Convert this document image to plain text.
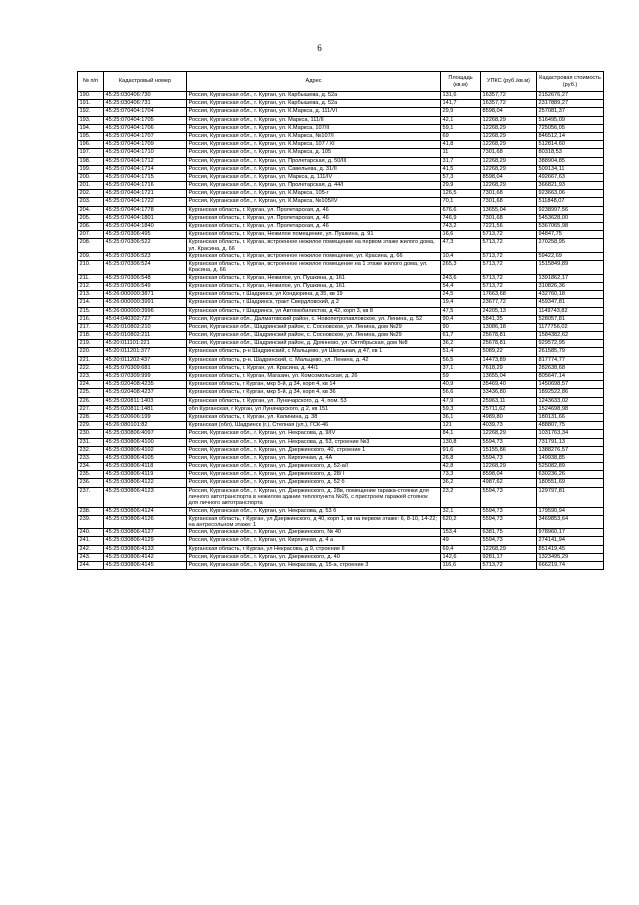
6
№ п/п	Кадастровый номер	Адрес	Площадь (кв.м)	УПКС (руб./кв.м)	Кадастровая стоимость (руб.)
190.	45:25:030406:730	Россия, Курганская обл., г. Курган, ул. Карбышева, д. 52а	131,6	16357,72	2152676,27
191.	45:25:030406:731	Россия, Курганская обл., г. Курган, ул. Карбышева, д. 52а	141,7	16357,72	2317889,27
192.	45:25:070404:1704	Россия, Курганская обл., г. Курган, ул. К.Маркса, д. 111/VI	29,9	8598,04	257081,37
193.	45:25:070404:1705	Россия, Курганская обл., г. Курган, ул. Маркса, 111/II	42,1	12268,29	516495,09
194.	45:25:070404:1706	Россия, Курганская обл., г. Курган, ул. К.Маркса, 107/II	59,1	12268,29	725056,05
195.	45:25:070404:1707	Россия, Курганская обл., г. Курган, ул. К.Маркса, №107/I	69	12268,29	846512,14
196.	45:25:070404:1709	Россия, Курганская обл., г. Курган, ул. К.Маркса, 107 / XI	41,8	12268,29	512814,60
197.	45:25:070404:1710	Россия, Курганская обл., г. Курган, ул. К.Маркса, д. 105	11	7301,68	80318,53
198.	45:25:070404:1712	Россия, Курганская обл., г. Курган, ул. Пролетарская, д. 50/III	31,7	12268,29	388904,85
199.	45:25:070404:1714	Россия, Курганская обл., г. Курган, ул. Савельева, д. 31/II	41,5	12268,29	509134,11
200.	45:25:070404:1715	Россия, Курганская обл., г. Курган, ул. Маркса, д. 111/IV	57,3	8598,04	492667,63
201.	45:25:070404:1716	Россия, Курганская обл., г. Курган, ул. Пролетарская, д. 44/I	29,9	12268,29	366821,93
202.	45:25:070404:1721	Россия, Курганская обл., г. Курган, ул. К.Маркса, 105-г	126,5	7301,68	923663,06
203.	45:25:070404:1722	Россия, Курганская обл., г. Курган, ул. К.Маркса, №105/IV	70,1	7301,68	511848,07
204.	45:25:070404:1778	Курганская область, г. Курган, ул. Пролетарская, д. 46	676,6	13655,04	9238997,56
205.	45:25:070404:1801	Курганская область, г. Курган, ул. Пролетарская, д. 46	746,9	7301,68	5453628,00
206.	45:25:070404:1840	Курганская область, г. Курган, ул. Пролетарская, д. 46	743,2	7221,56	5367065,98
207.	45:25:070306:495	Курганская область, г. Курган, Нежилое помещение, ул. Пушкина, д. 91	16,6	5713,72	94847,75
208.	45:25:070306:522	Курганская область, г. Курган, встроенное нежилое помещение на первом этаже жилого дома, ул. Красина, д. 66	47,3	5713,72	270258,95
209.	45:25:070306:523	Курганская область, г. Курган, встроенное нежилое помещение, ул. Красина, д. 66	10,4	5713,72	59422,69
210.	45:25:070306:524	Курганская область, г. Курган, встроенное нежилое помещение на 1 этаже жилого дома, ул. Красина, д. 66	265,3	5713,72	1515849,89
211.	45:25:070306:548	Курганская область, г. Курган, Нежилое, ул. Пушкина, д. 161	243,6	5713,72	1391862,17
212.	45:25:070306:549	Курганская область, г. Курган, Нежилое, ул. Пушкина, д. 161	54,4	5713,72	310826,36
213.	45:26:000000:3871	Курганская область, г Шадринск, ул Кондюрина, д 35, кв 19	24,5	17663,68	432760,18
214.	45:26:000000:3991	Курганская область, г Шадринск, тракт Свердловский, д 2	19,4	23677,72	459347,81
215.	45:26:000000:3996	Курганская область, г Шадринск, ул Автомобилистов, д 42, корп 3, кв 8	47,5	24205,13	1149743,82
216.	45:04:040302:727	Россия, Курганская обл., Далматовский район, с. Новопетропавловское, ул. Ленина, д. 52	90,4	5841,35	528057,81
217.	45:20:010802:210	Россия, Курганская обл., Шадринский район, с. Сосновское, ул. Ленина, дом №29	90	13086,18	1177756,02
218.	45:20:010802:211	Россия, Курганская обл., Шадринский район, с. Сосновское, ул. Ленина, дом №29	61,7	25678,81	1584382,62
219.	45:20:011101:221	Россия, Курганская обл., Шадринский район, д. Дрянново, ул. Октябрьская, дом №8	36,2	25678,81	929572,95
220.	45:20:011201:377	Курганская область, р-н Шадринский, с Мальцево, ул Школьная, д 47, кв 1	51,4	5089,22	261585,79
221.	45:20:011202:437	Курганская область, р-н. Шадринский, с. Мальцево, ул. Ленина, д. 42	56,5	14473,89	817774,77
222.	45:25:070309:681	Курганская область, г. Курган, ул. Красина, д. 44/1	37,1	7618,29	282638,68
223.	45:25:070309:999	Курганская область, г. Курган, Магазин, ул. Комсомольская, д. 26	59	13655,04	805647,14
224.	45:25:020408:4235	Курганская область, г Курган, мкр 5-й, д 34, корп 4, кв 14	40,9	35469,40	1450698,57
225.	45:25:020408:4237	Курганская область, г Курган, мкр 5-й, д 34, корп 4, кв 36	56,6	33436,80	1892522,86
226.	45:25:020811:1403	Курганская область, г. Курган, ул. Луначарского, д. 4, пом. 53	47,9	25963,11	1243633,02
227.	45:25:020811:1481	обл Курганская, г Курган, ул Луначарского, д 2, кв 151	59,3	25711,62	1524698,98
228.	45:25:020606:199	Курганская область, г. Курган, ул. Калинина, д. 38	36,1	4989,80	180131,66
229.	45:26:080101:82	Курганская (обл), Шадринск (г.), Степная (ул.), ГСК-46	121	4039,73	488807,75
230.	45:25:030806:4097	Россия, Курганская обл., г. Курган, ул. Некрасова, д. 9/IV	84,1	12268,29	1031763,34
231.	45:25:030806:4100	Россия, Курганская обл., г. Курган, ул. Некрасова, д. 53, строение №3	130,8	5594,73	731791,13
232.	45:25:030806:4102	Россия, Курганская обл., г. Курган, ул. Дзержинского, 40, строение 1	91,6	15155,86	1388276,57
233.	45:25:030806:4105	Россия, Курганская обл., г. Курган, ул. Кирпичная, д. 4А	26,8	5594,73	149938,85
234.	45:25:030806:4118	Россия, Курганская обл., г. Курган, ул. Дзержинского, д. 52-а/I	42,8	12268,29	525082,89
235.	45:25:030806:4119	Россия, Курганская обл., г. Курган, ул. Дзержинского, д. 28/ I	73,3	8598,04	630236,26
236.	45:25:030806:4122	Россия, Курганская обл., г. Курган, ул. Дзержинского, д. 52 б	36,2	4987,62	180551,69
237.	45:25:030806:4123	Россия, Курганская обл., г. Курган, ул. Дзержинского, д. 28в, помещение гаража-стоянки для личного автотранспорта в нежилом здании теплопункта №26, с пристроем гаражей стоянок для личного автотранспорта	23,2	5594,73	129797,81
238.	45:25:030806:4124	Россия, Курганская обл., г. Курган, ул. Некрасова, д. 53 б	32,1	5594,73	179590,94
239.	45:25:030806:4126	Курганская область, г Курган, ул Дзержинского, д 40, корп 1, кв на первом этаже: 6, 8-10, 14-22; на антресольном этаже: 1	620,2	5594,73	3469853,64
240.	45:25:030806:4127	Россия, Курганская обл., г. Курган, ул. Дзержинского, № 40	153,4	6381,75	978960,17
241.	45:25:030806:4129	Россия, Курганская обл., г. Курган, ул. Кирпичная, д. 4 а	49	5594,73	274141,94
242.	45:25:030806:4133	Курганская область, г Курган, ул Некрасова, д 9, строение II	69,4	12268,29	851419,45
243.	45:25:030806:4142	Россия, Курганская обл., г. Курган, ул. Дзержинского, д. 40	142,6	9281,17	1323495,29
244.	45:25:030806:4145	Россия, Курганская обл., г. Курган, ул. Некрасова, д. 15-а, строение 3	116,6	5713,72	666219,74
